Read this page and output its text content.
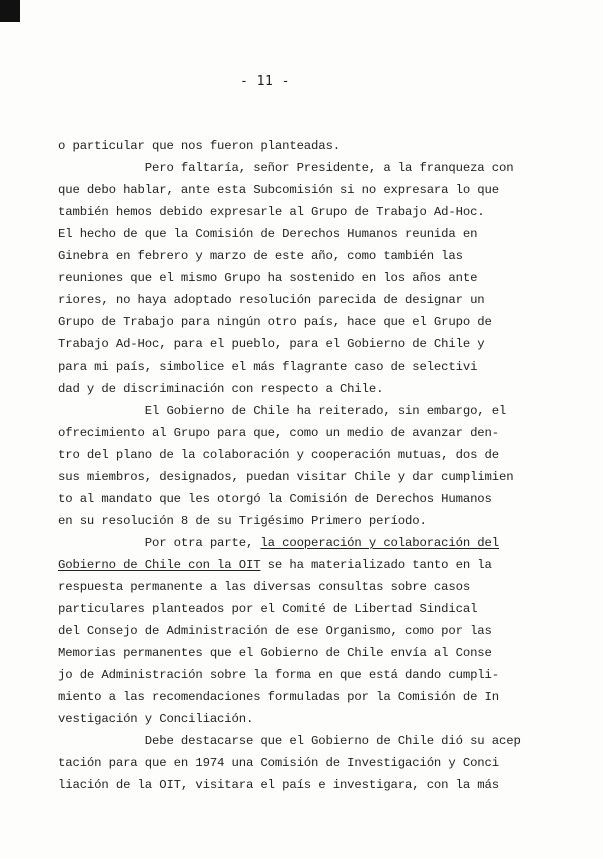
- 11 -
o particular que nos fueron planteadas.
Pero faltaría, señor Presidente, a la franqueza con
que debo hablar, ante esta Subcomisión si no expresara lo que
también hemos debido expresarle al Grupo de Trabajo Ad-Hoc.
El hecho de que la Comisión de Derechos Humanos reunida en
Ginebra en febrero y marzo de este año, como también las
reuniones que el mismo Grupo ha sostenido en los años ante
riores, no haya adoptado resolución parecida de designar un
Grupo de Trabajo para ningún otro país, hace que el Grupo de
Trabajo Ad-Hoc, para el pueblo, para el Gobierno de Chile y
para mi país, simbolice el más flagrante caso de selectivi
dad y de discriminación con respecto a Chile.
El Gobierno de Chile ha reiterado, sin embargo, el
ofrecimiento al Grupo para que, como un medio de avanzar den-
tro del plano de la colaboración y cooperación mutuas, dos de
sus miembros, designados, puedan visitar Chile y dar cumplimien
to al mandato que les otorgó la Comisión de Derechos Humanos
en su resolución 8 de su Trigésimo Primero período.
Por otra parte, la cooperación y colaboración del
Gobierno de Chile con la OIT se ha materializado tanto en la
respuesta permanente a las diversas consultas sobre casos
particulares planteados por el Comité de Libertad Sindical
del Consejo de Administración de ese Organismo, como por las
Memorias permanentes que el Gobierno de Chile envía al Conse
jo de Administración sobre la forma en que está dando cumpli-
miento a las recomendaciones formuladas por la Comisión de In
vestigación y Conciliación.
Debe destacarse que el Gobierno de Chile dió su acep
tación para que en 1974 una Comisión de Investigación y Conci
liación de la OIT, visitara el país e investigara, con la más
